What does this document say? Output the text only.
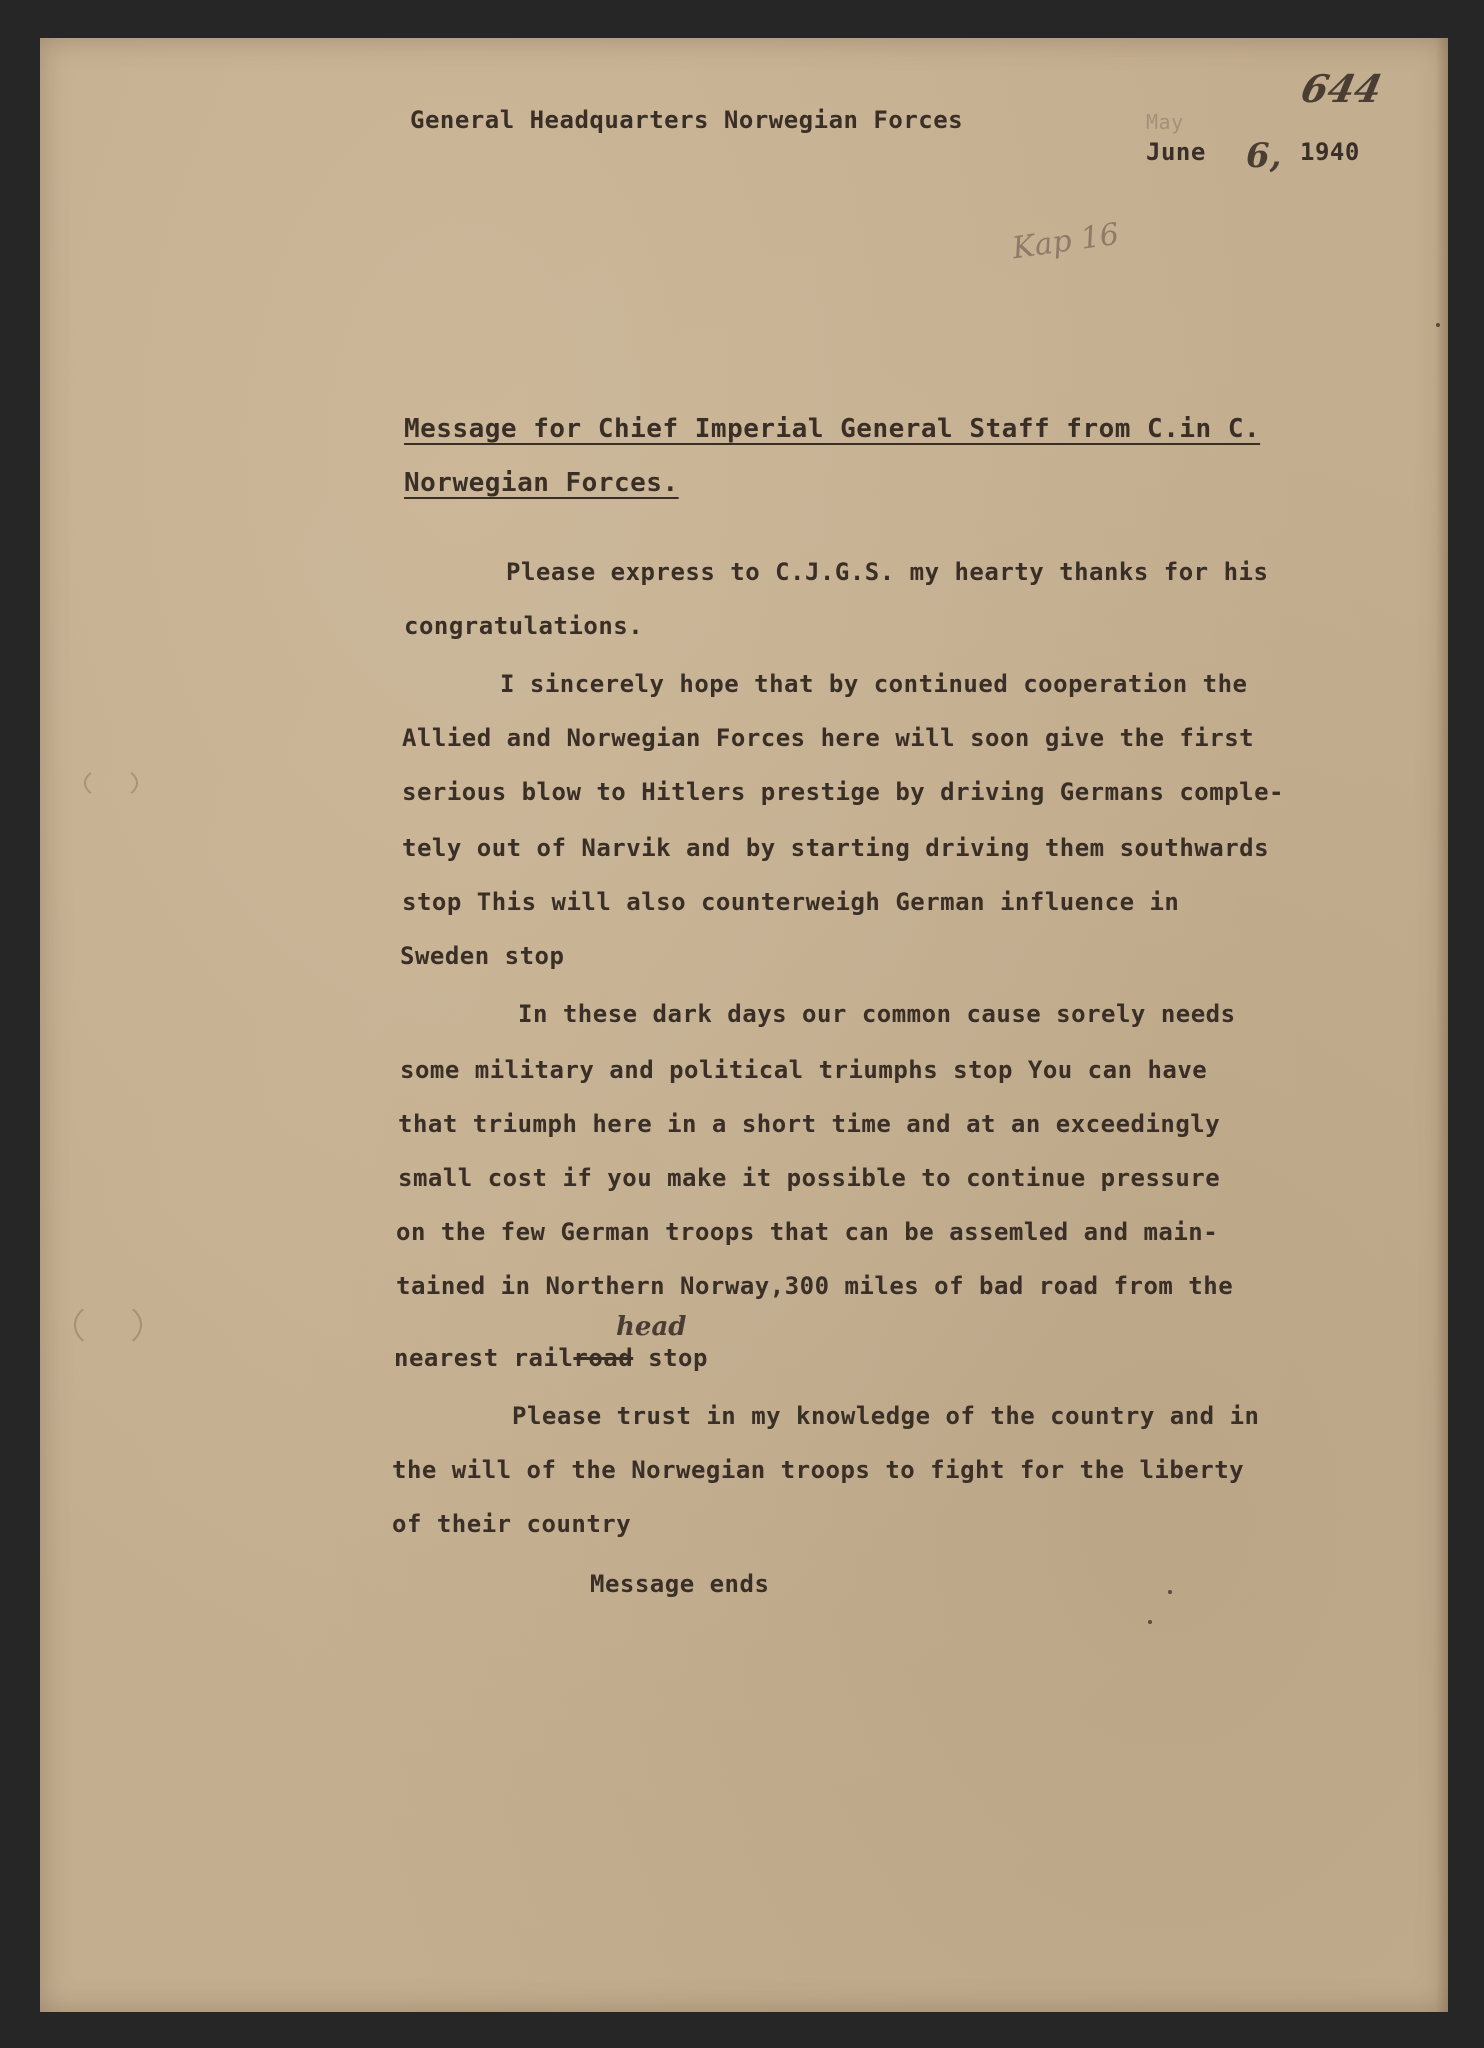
General Headquarters Norwegian Forces	May
June 6, 1940
644
Kap 16
Message for Chief Imperial General Staff from C.in C.
Norwegian Forces.
Please express to C.J.G.S. my hearty thanks for his
congratulations.
I sincerely hope that by continued cooperation the
Allied and Norwegian Forces here will soon give the first
serious blow to Hitlers prestige by driving Germans comple-
tely out of Narvik and by starting driving them southwards
stop This will also counterweigh German influence in
Sweden stop
In these dark days our common cause sorely needs
some military and political triumphs stop You can have
that triumph here in a short time and at an exceedingly
small cost if you make it possible to continue pressure
on the few German troops that can be assemled and main-
tained in Northern Norway,300 miles of bad road from the
nearest railroad stop
head
Please trust in my knowledge of the country and in
the will of the Norwegian troops to fight for the liberty
of their country
Message ends
